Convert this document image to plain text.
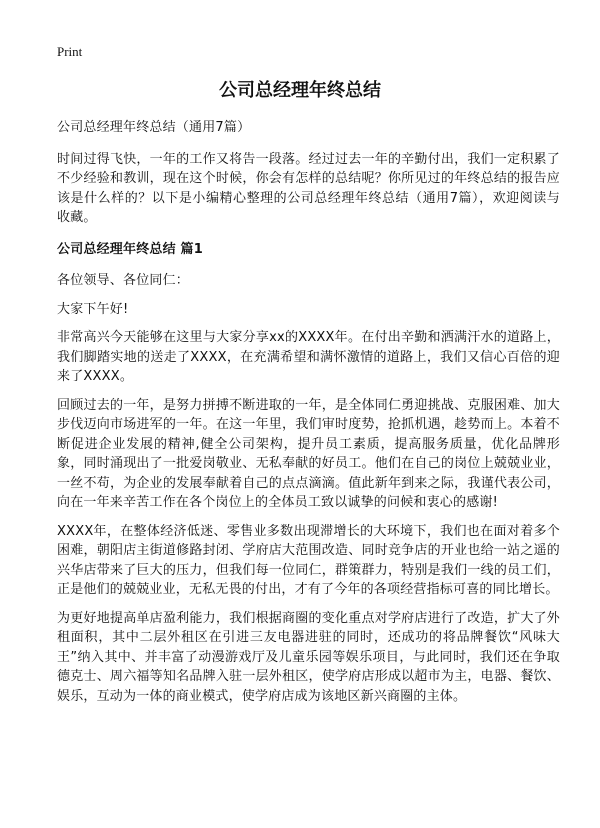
Print
公司总经理年终总结

公司总经理年终总结（通用7篇）

时间过得飞快，一年的工作又将告一段落。经过过去一年的辛勤付出，我们一定积累了不少经验和教训，现在这个时候，你会有怎样的总结呢？你所见过的年终总结的报告应该是什么样的？以下是小编精心整理的公司总经理年终总结（通用7篇），欢迎阅读与收藏。

公司总经理年终总结 篇1

各位领导、各位同仁：

大家下午好!

非常高兴今天能够在这里与大家分享xx的XXXX年。在付出辛勤和洒满汗水的道路上，我们脚踏实地的送走了XXXX，在充满希望和满怀激情的道路上，我们又信心百倍的迎来了XXXX。

回顾过去的一年，是努力拼搏不断进取的一年，是全体同仁勇迎挑战、克服困难、加大步伐迈向市场进军的一年。在这一年里，我们审时度势，抢抓机遇，趁势而上。本着不断促进企业发展的精神,健全公司架构，提升员工素质，提高服务质量，优化品牌形象，同时涌现出了一批爱岗敬业、无私奉献的好员工。他们在自己的岗位上兢兢业业，一丝不苟，为企业的发展奉献着自己的点点滴滴。值此新年到来之际，我谨代表公司，向在一年来辛苦工作在各个岗位上的全体员工致以诚挚的问候和衷心的感谢!

XXXX年，在整体经济低迷、零售业多数出现滞增长的大环境下，我们也在面对着多个困难，朝阳店主街道修路封闭、学府店大范围改造、同时竞争店的开业也给一站之遥的兴华店带来了巨大的压力，但我们每一位同仁，群策群力，特别是我们一线的员工们，正是他们的兢兢业业，无私无畏的付出，才有了今年的各项经营指标可喜的同比增长。

为更好地提高单店盈利能力，我们根据商圈的变化重点对学府店进行了改造，扩大了外租面积，其中二层外租区在引进三友电器进驻的同时，还成功的将品牌餐饮“风味大王”纳入其中、并丰富了动漫游戏厅及儿童乐园等娱乐项目，与此同时，我们还在争取德克士、周六福等知名品牌入驻一层外租区，使学府店形成以超市为主，电器、餐饮、娱乐，互动为一体的商业模式，使学府店成为该地区新兴商圈的主体。
